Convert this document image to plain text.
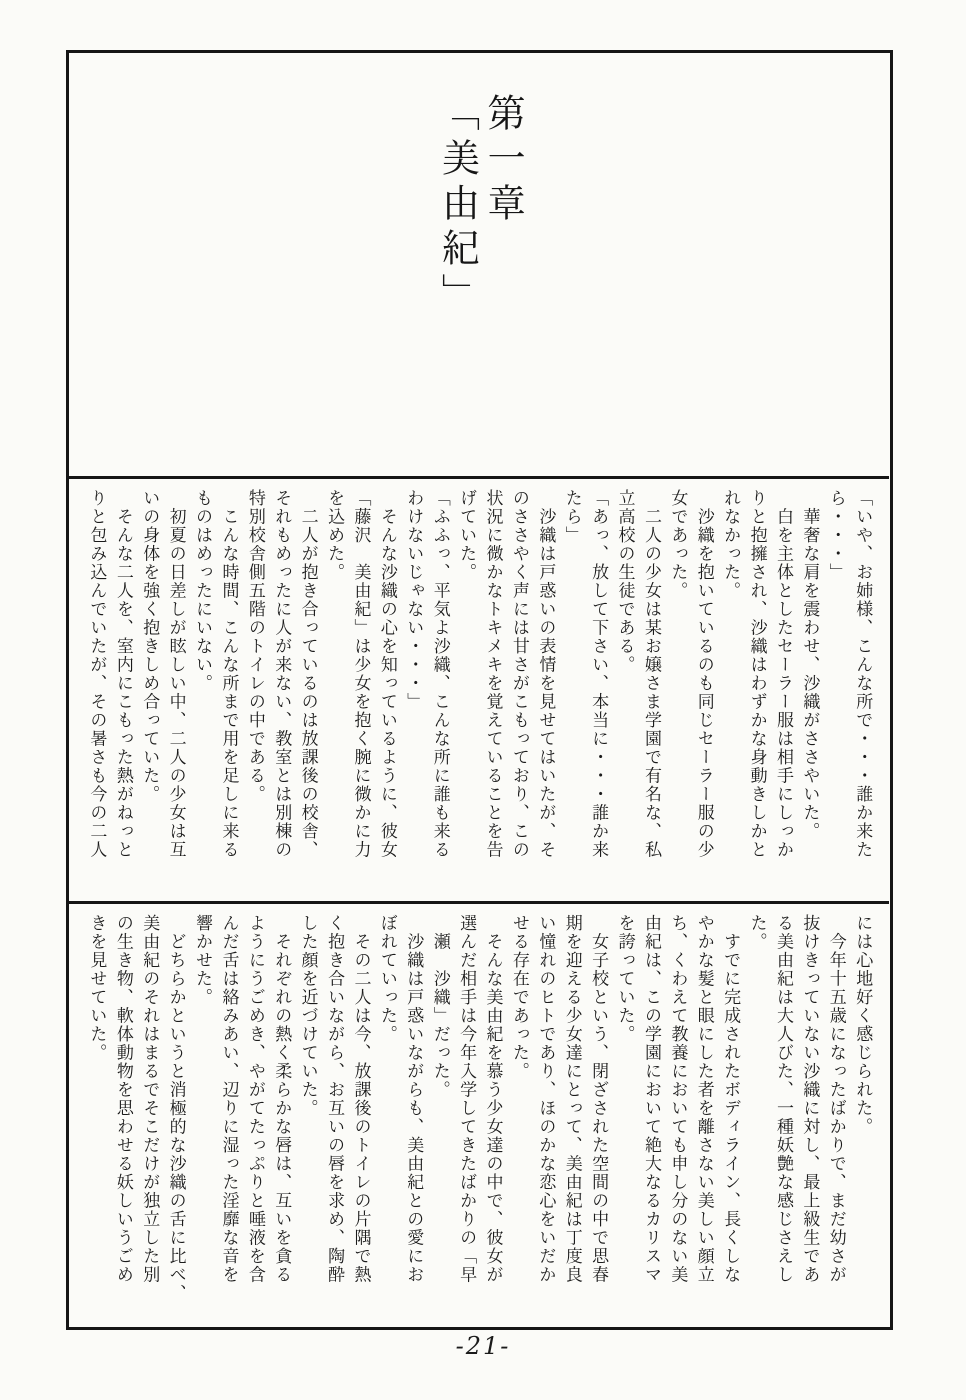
第一章「美由紀」

「いや、お姉様、こんな所で・・・誰か来た

ら・・・」

　華奢な肩を震わせ、沙織がささやいた。

　白を主体としたセーラー服は相手にしっか

りと抱擁され、沙織はわずかな身動きしかと

れなかった。

　沙織を抱いているのも同じセーラー服の少

女であった。

　二人の少女は某お嬢さま学園で有名な、私

立高校の生徒である。

「あっ、放して下さい、本当に・・・誰か来

たら」

　沙織は戸惑いの表情を見せてはいたが、そ

のささやく声には甘さがこもっており、この

状況に微かなトキメキを覚えていることを告

げていた。

「ふふっ、平気よ沙織、こんな所に誰も来る

わけないじゃない・・・」

　そんな沙織の心を知っているように、彼女

「藤沢　美由紀」は少女を抱く腕に微かに力

を込めた。

　二人が抱き合っているのは放課後の校舎、

それもめったに人が来ない、教室とは別棟の

特別校舎側五階のトイレの中である。

　こんな時間、こんな所まで用を足しに来る

ものはめったにいない。

　初夏の日差しが眩しい中、二人の少女は互

いの身体を強く抱きしめ合っていた。

　そんな二人を、室内にこもった熱がねっと

りと包み込んでいたが、その暑さも今の二人

には心地好く感じられた。

　今年十五歳になったばかりで、まだ幼さが

抜けきっていない沙織に対し、最上級生であ

る美由紀は大人びた、一種妖艶な感じさえし

た。

　すでに完成されたボディライン、長くしな

やかな髪と眼にした者を離さない美しい顔立

ち、くわえて教養においても申し分のない美

由紀は、この学園において絶大なるカリスマ

を誇っていた。

　女子校という、閉ざされた空間の中で思春

期を迎える少女達にとって、美由紀は丁度良

い憧れのヒトであり、ほのかな恋心をいだか

せる存在であった。

　そんな美由紀を慕う少女達の中で、彼女が

選んだ相手は今年入学してきたばかりの「早

　瀬　沙織」だった。

　沙織は戸惑いながらも、美由紀との愛にお

ぼれていった。

　その二人は今、放課後のトイレの片隅で熱

く抱き合いながら、お互いの唇を求め、陶酔

した顔を近づけていた。

　それぞれの熱く柔らかな唇は、互いを貪る

ようにうごめき、やがてたっぷりと唾液を含

んだ舌は絡みあい、辺りに湿った淫靡な音を

響かせた。

　どちらかというと消極的な沙織の舌に比べ、

美由紀のそれはまるでそこだけが独立した別

の生き物、軟体動物を思わせる妖しいうごめ

きを見せていた。

-21-
